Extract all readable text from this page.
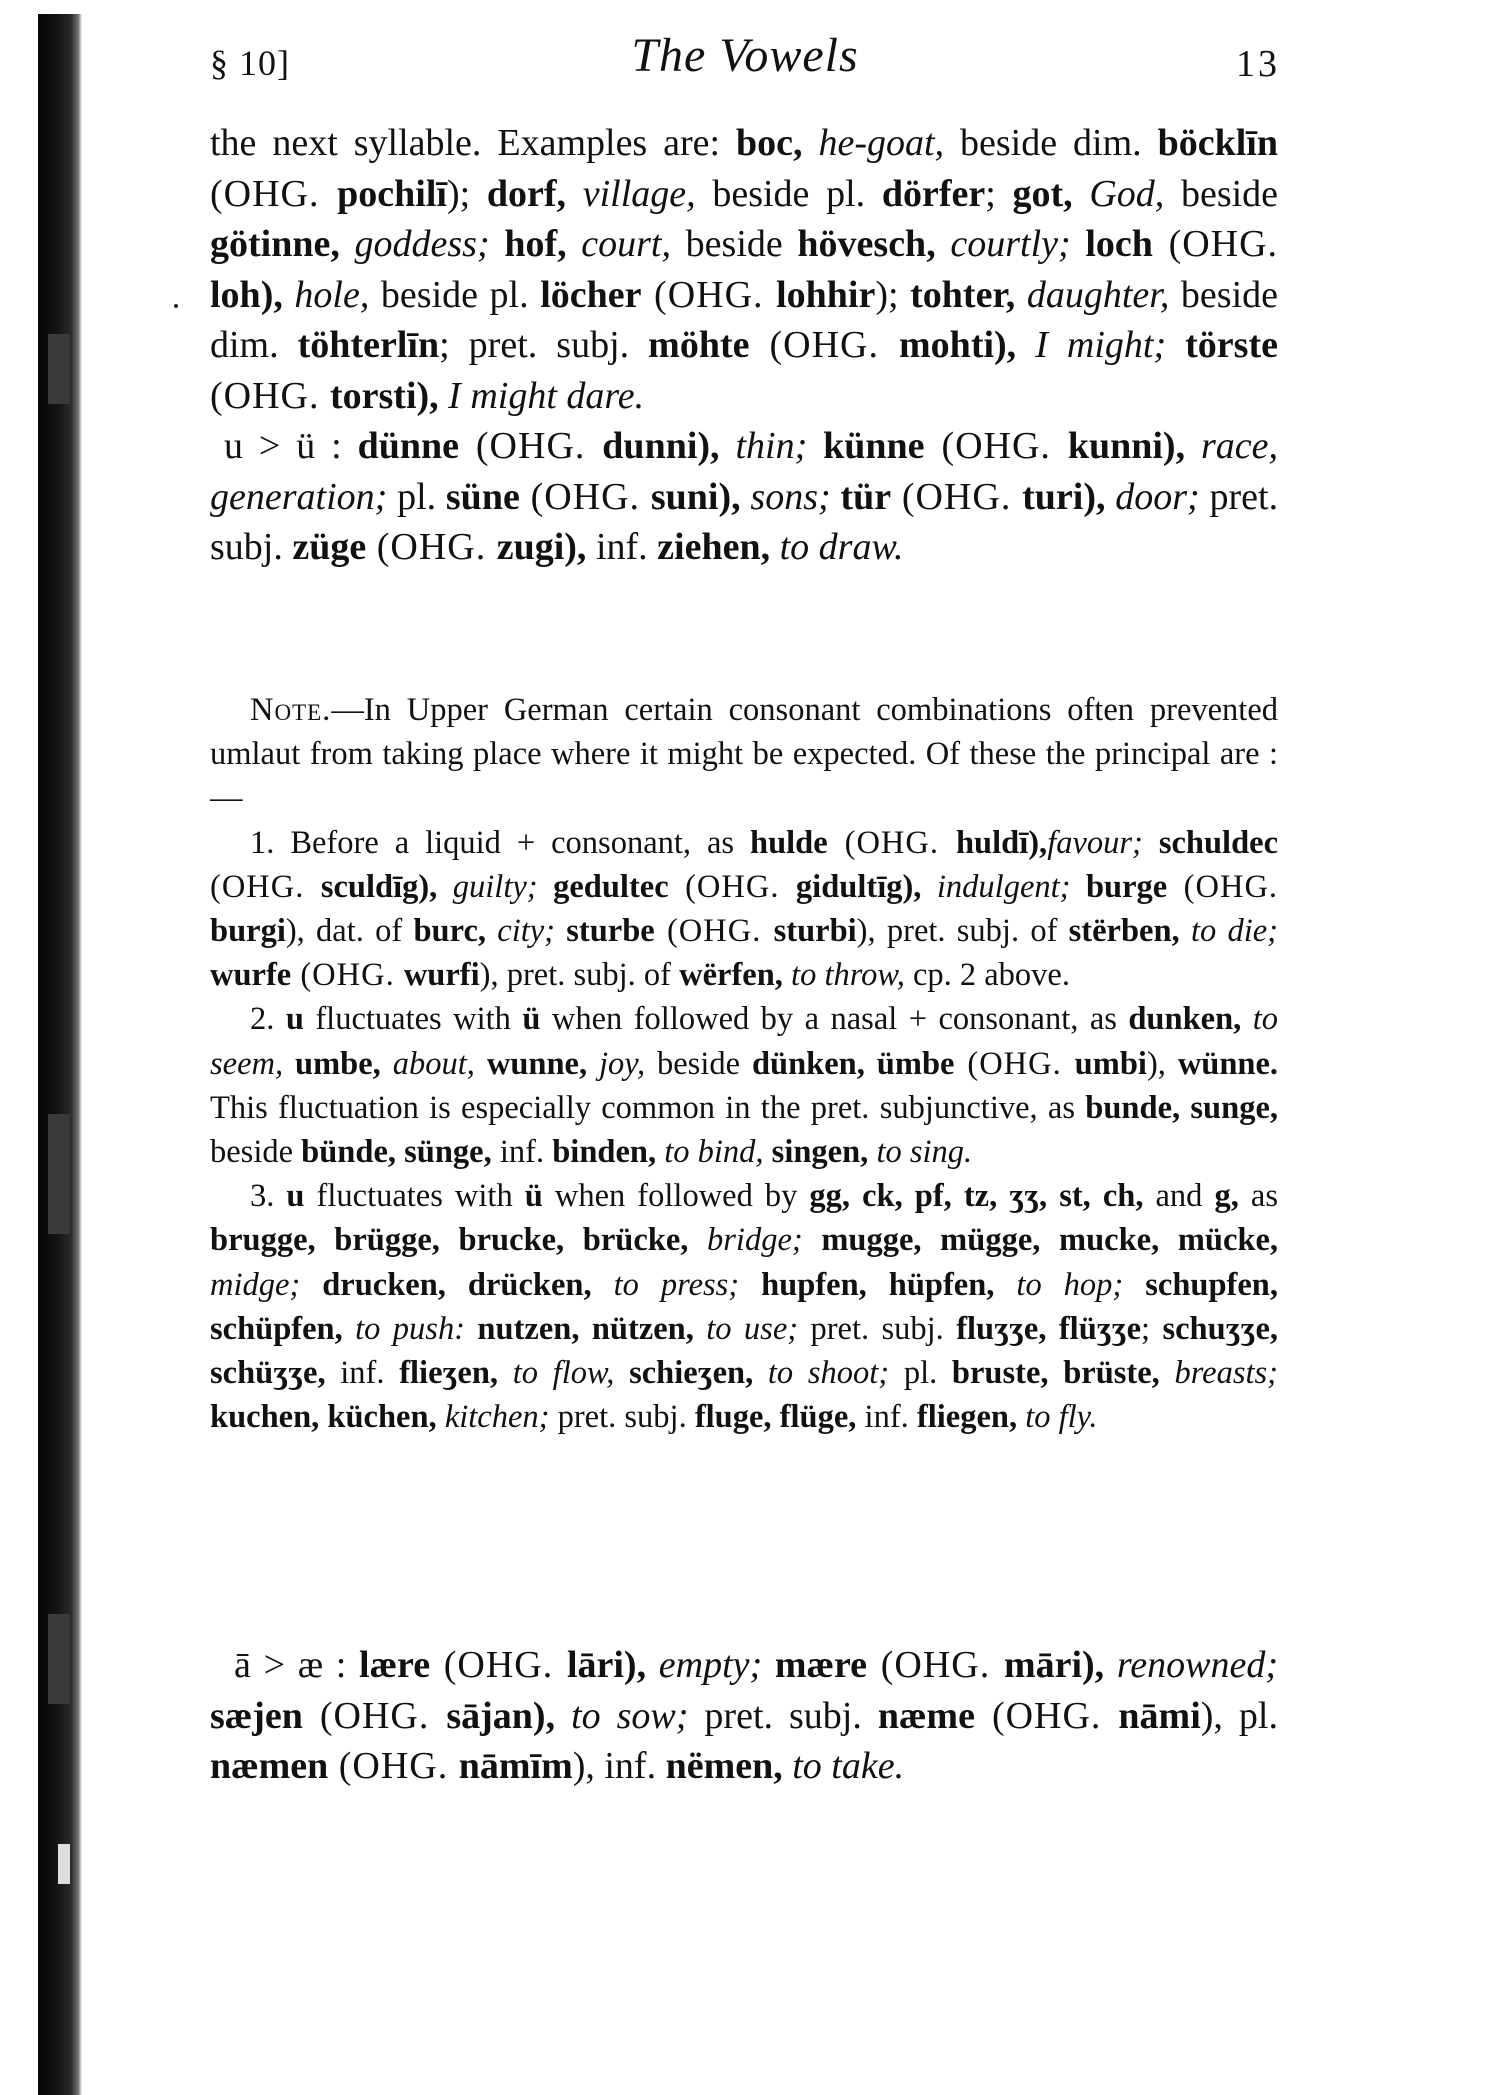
§ 10]	The Vowels	13

the next syllable. Examples are: boc, he-goat, beside dim. böcklīn (OHG. pochilī); dorf, village, beside pl. dörfer; got, God, beside götinne, goddess; hof, court, beside hövesch, courtly; loch (OHG. loh), hole, beside pl. löcher (OHG. lohhir); tohter, daughter, beside dim. töhterlīn; pret. subj. möhte (OHG. mohti), I might; törste (OHG. torsti), I might dare.

u > ü : dünne (OHG. dunni), thin; künne (OHG. kunni), race, generation; pl. süne (OHG. suni), sons; tür (OHG. turi), door; pret. subj. züge (OHG. zugi), inf. ziehen, to draw.

Note.—In Upper German certain consonant combinations often prevented umlaut from taking place where it might be expected. Of these the principal are :—

1. Before a liquid + consonant, as hulde (OHG. huldī),favour; schuldec (OHG. sculdīg), guilty; gedultec (OHG. gidultīg), indulgent; burge (OHG. burgi), dat. of burc, city; sturbe (OHG. sturbi), pret. subj. of stërben, to die; wurfe (OHG. wurfi), pret. subj. of wërfen, to throw, cp. 2 above.

2. u fluctuates with ü when followed by a nasal + consonant, as dunken, to seem, umbe, about, wunne, joy, beside dünken, ümbe (OHG. umbi), wünne. This fluctuation is especially common in the pret. subjunctive, as bunde, sunge, beside bünde, sünge, inf. binden, to bind, singen, to sing.

3. u fluctuates with ü when followed by gg, ck, pf, tz, ʒʒ, st, ch, and g, as brugge, brügge, brucke, brücke, bridge; mugge, mügge, mucke, mücke, midge; drucken, drücken, to press; hupfen, hüpfen, to hop; schupfen, schüpfen, to push: nutzen, nützen, to use; pret. subj. fluʒʒe, flüʒʒe; schuʒʒe, schüʒʒe, inf. flieʒen, to flow, schieʒen, to shoot; pl. bruste, brüste, breasts; kuchen, küchen, kitchen; pret. subj. fluge, flüge, inf. fliegen, to fly.

ā > æ : lære (OHG. lāri), empty; mære (OHG. māri), renowned; sæjen (OHG. sājan), to sow; pret. subj. næme (OHG. nāmi), pl. næmen (OHG. nāmīm), inf. nëmen, to take.
